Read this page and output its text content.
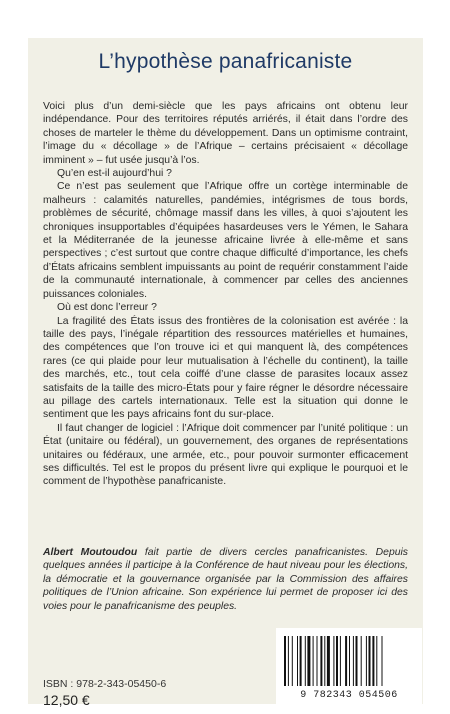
L’hypothèse panafricaniste

Voici plus d’un demi-siècle que les pays africains ont obtenu leur indépendance. Pour des territoires réputés arriérés, il était dans l’ordre des choses de marteler le thème du développement. Dans un optimisme contraint, l’image du « décollage » de l’Afrique – certains précisaient « décollage imminent » – fut usée jusqu’à l’os.

Qu’en est-il aujourd’hui ?

Ce n’est pas seulement que l’Afrique offre un cortège interminable de malheurs : calamités naturelles, pandémies, intégrismes de tous bords, problèmes de sécurité, chômage massif dans les villes, à quoi s’ajoutent les chroniques insupportables d’équipées hasardeuses vers le Yémen, le Sahara et la Méditerranée de la jeunesse africaine livrée à elle-même et sans perspectives ; c’est surtout que contre chaque difficulté d’importance, les chefs d’États africains semblent impuissants au point de requérir constamment l’aide de la communauté internationale, à commencer par celles des anciennes puissances coloniales.

Où est donc l’erreur ?

La fragilité des États issus des frontières de la colonisation est avérée : la taille des pays, l’inégale répartition des ressources matérielles et humaines, des compétences que l’on trouve ici et qui manquent là, des compétences rares (ce qui plaide pour leur mutualisation à l’échelle du continent), la taille des marchés, etc., tout cela coiffé d’une classe de parasites locaux assez satisfaits de la taille des micro-États pour y faire régner le désordre nécessaire au pillage des cartels internationaux. Telle est la situation qui donne le sentiment que les pays africains font du sur-place.

Il faut changer de logiciel : l’Afrique doit commencer par l’unité politique : un État (unitaire ou fédéral), un gouvernement, des organes de représentations unitaires ou fédéraux, une armée, etc., pour pouvoir surmonter efficacement ses difficultés. Tel est le propos du présent livre qui explique le pourquoi et le comment de l’hypothèse panafricaniste.

Albert Moutoudou fait partie de divers cercles panafricanistes. Depuis quelques années il participe à la Conférence de haut niveau pour les élections, la démocratie et la gouvernance organisée par la Commission des affaires politiques de l’Union africaine. Son expérience lui permet de proposer ici des voies pour le panafricanisme des peuples.
ISBN : 978-2-343-05450-6
12,50 €	9 782343 054506
